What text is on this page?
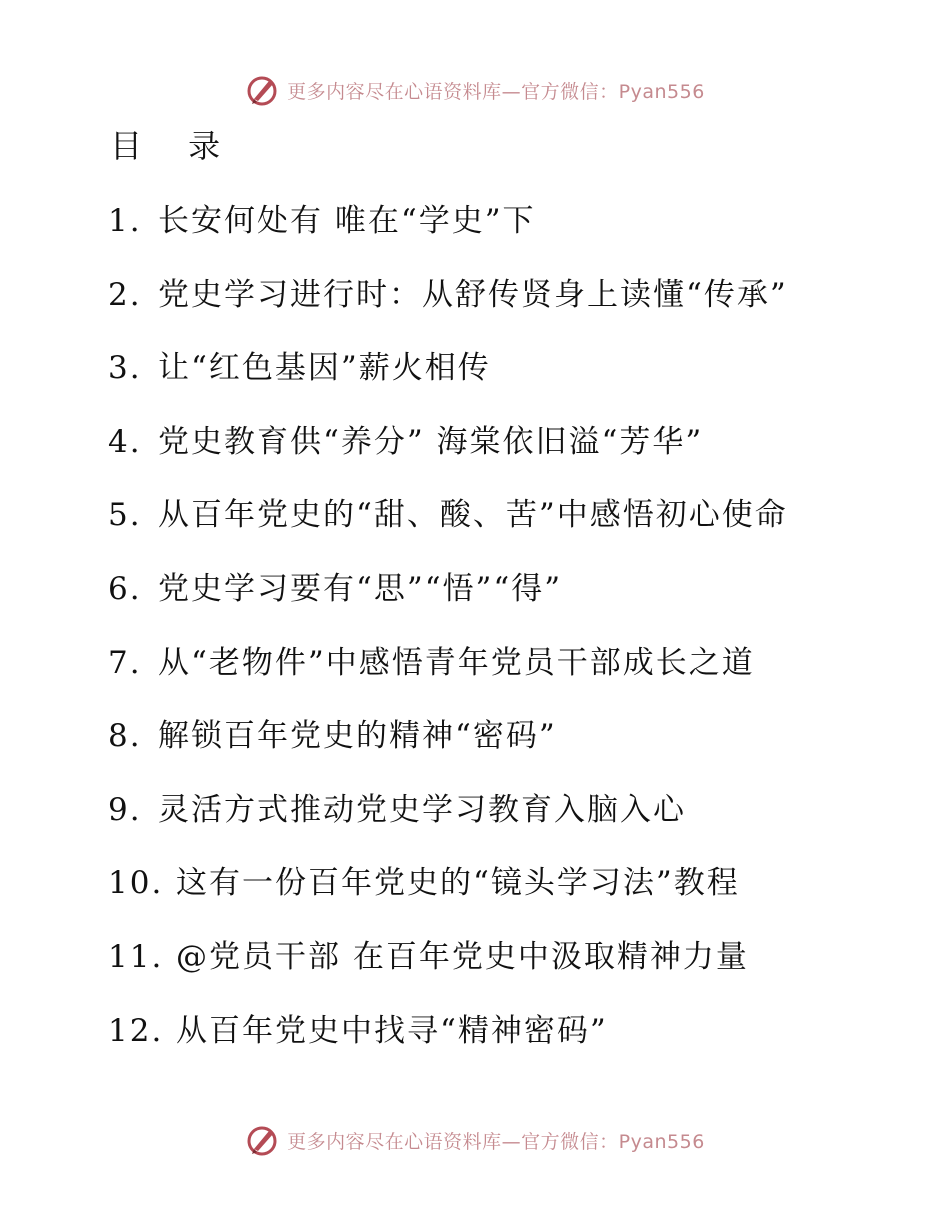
更多内容尽在心语资料库—官方微信：Pyan556
目 录
1. 长安何处有 唯在“学史”下
2. 党史学习进行时：从舒传贤身上读懂“传承”
3. 让“红色基因”薪火相传
4. 党史教育供“养分” 海棠依旧溢“芳华”
5. 从百年党史的“甜、酸、苦”中感悟初心使命
6. 党史学习要有“思”“悟”“得”
7. 从“老物件”中感悟青年党员干部成长之道
8. 解锁百年党史的精神“密码”
9. 灵活方式推动党史学习教育入脑入心
10. 这有一份百年党史的“镜头学习法”教程
11. @党员干部 在百年党史中汲取精神力量
12. 从百年党史中找寻“精神密码”
更多内容尽在心语资料库—官方微信：Pyan556
